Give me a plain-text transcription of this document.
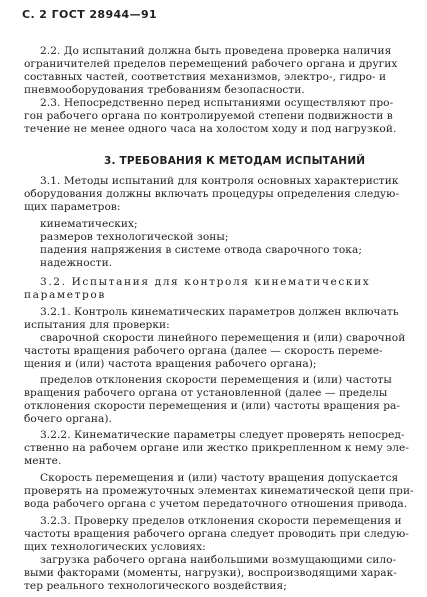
С. 2 ГОСТ 28944—91
2.2. До испытаний должна быть проведена проверка наличия
ограничителей пределов перемещений рабочего органа и других
составных частей, соответствия механизмов, электро-, гидро- и
пневмооборудования требованиям безопасности.
2.3. Непосредственно перед испытаниями осуществляют про-
гон рабочего органа по контролируемой степени подвижности в
течение не менее одного часа на холостом ходу и под нагрузкой.
3. ТРЕБОВАНИЯ К МЕТОДАМ ИСПЫТАНИЙ
3.1. Методы испытаний для контроля основных характеристик
оборудования должны включать процедуры определения следую-
щих параметров:
кинематических;
размеров технологической зоны;
падения напряжения в системе отвода сварочного тока;
надежности.
3.2. Испытания для контроля кинематических
параметров
3.2.1. Контроль кинематических параметров должен включать
испытания для проверки:
сварочной скорости линейного перемещения и (или) сварочной
частоты вращения рабочего органа (далее — скорость переме-
щения и (или) частота вращения рабочего органа);
пределов отклонения скорости перемещения и (или) частоты
вращения рабочего органа от установленной (далее — пределы
отклонения скорости перемещения и (или) частоты вращения ра-
бочего органа).
3.2.2. Кинематические параметры следует проверять непосред-
ственно на рабочем органе или жестко прикрепленном к нему эле-
менте.
Скорость перемещения и (или) частоту вращения допускается
проверять на промежуточных элементах кинематической цепи при-
вода рабочего органа с учетом передаточного отношения привода.
3.2.3. Проверку пределов отклонения скорости перемещения и
частоты вращения рабочего органа следует проводить при следую-
щих технологических условиях:
загрузка рабочего органа наибольшими возмущающими сило-
выми факторами (моменты, нагрузки), воспроизводящими харак-
тер реального технологического воздействия;
